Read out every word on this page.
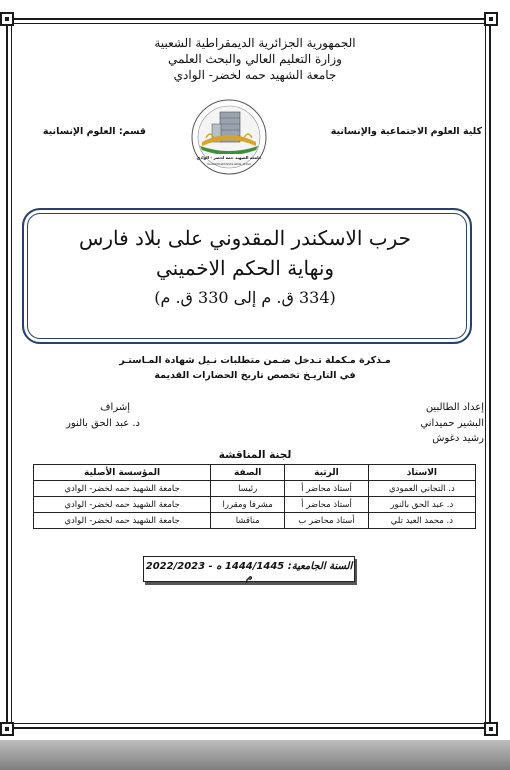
الجمهورية الجزائرية الديمقراطية الشعبية
وزارة التعليم العالي والبحث العلمي
جامعة الشهيد حمه لخضر- الوادي
كلية العلوم الاجتماعية والإنسانية
قسم: العلوم الإنسانية
جامعة الشهيد حمه لخضر - الوادي
Université Echahid Hamma Lakhdar - El-Oued
حرب الاسكندر المقدوني على بلاد فارس
ونهاية الحكم الاخميني
(334 ق. م إلى 330 ق. م)
مـذكرة مـكملة تـدخل ضـمن متطلبات نـيل شهادة المـاستـر
في التاريـخ تخصص تاريخ الحضارات القديمة
إعداد الطالبين
البشير حميداني
رشيد دغوش
إشراف
د. عبد الحق بالنور
لجنة المناقشة
الاستاذ	الرتبة	الصفة	المؤسسة الأصلية
د. التجاني العمودي	أستاذ محاضر أ	رئيسا	جامعة الشهيد حمه لخضر- الوادي
د. عبد الحق بالنور	أستاذ محاضر أ	مشرفا ومقررا	جامعة الشهيد حمه لخضر- الوادي
د. محمد العيد تلي	أستاذ محاضر ب	مناقشا	جامعة الشهيد حمه لخضر- الوادي
السنة الجامعية: 1444/1445 ه - 2022/2023 م
